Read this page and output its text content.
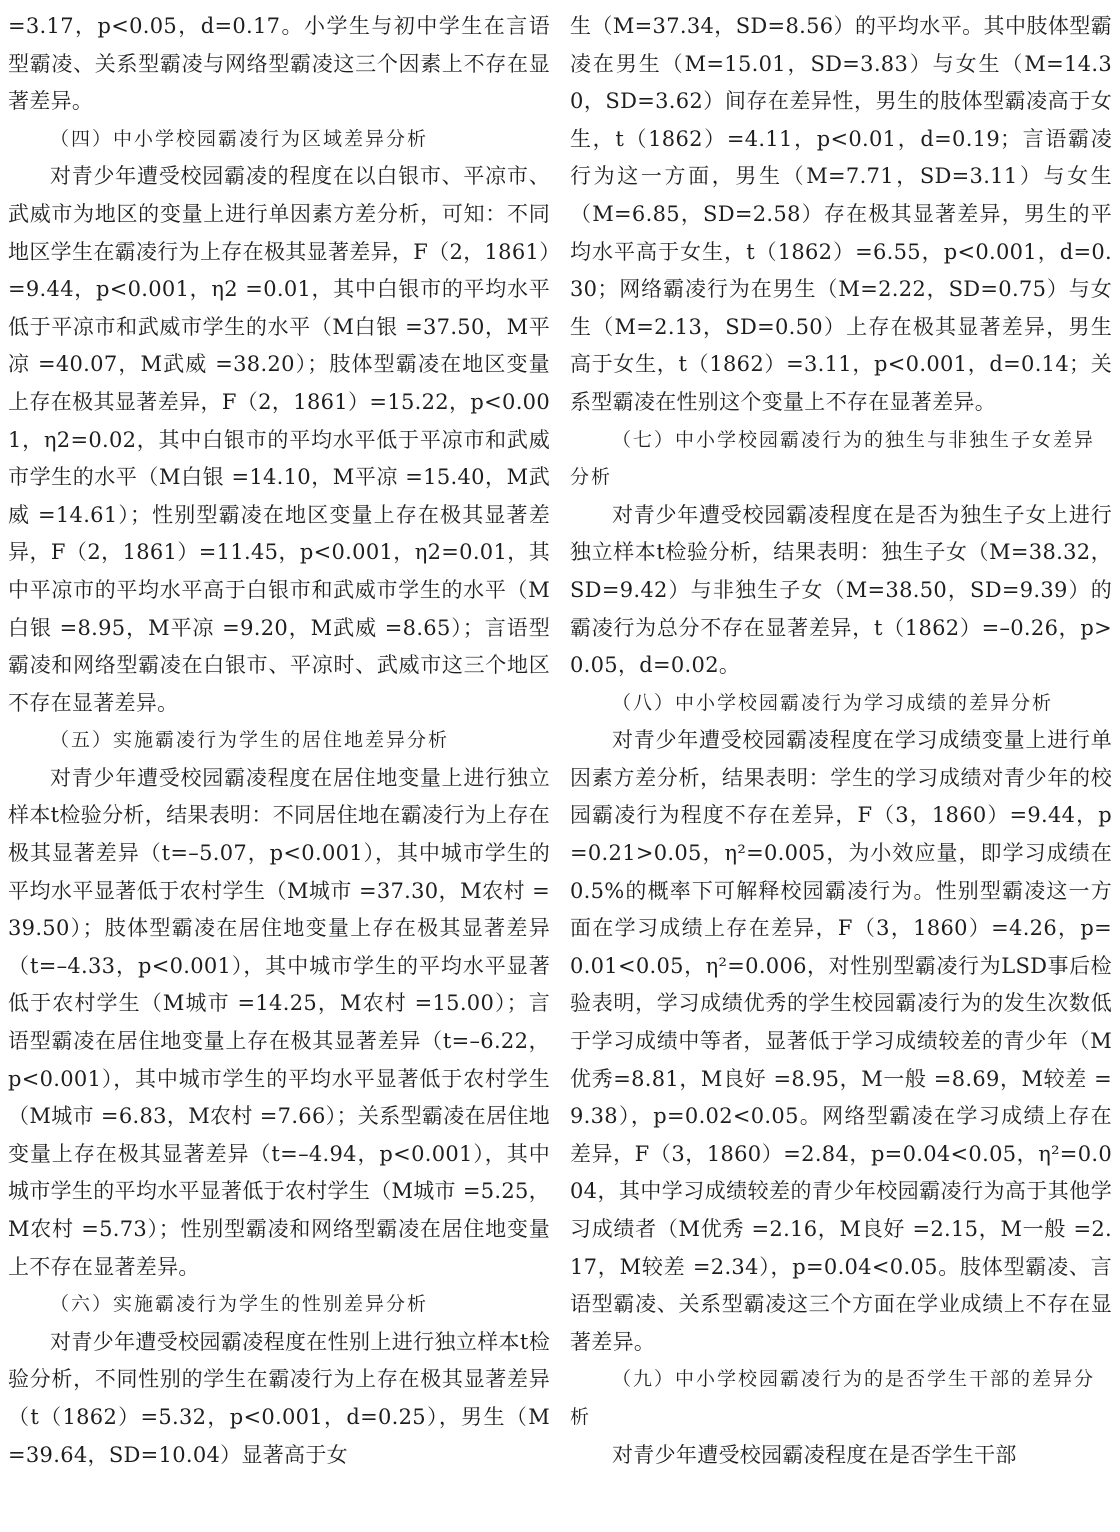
=3.17，p<0.05，d=0.17。小学生与初中学生在言语型霸凌、关系型霸凌与网络型霸凌这三个因素上不存在显著差异。

（四）中小学校园霸凌行为区域差异分析

对青少年遭受校园霸凌的程度在以白银市、平凉市、武威市为地区的变量上进行单因素方差分析，可知：不同地区学生在霸凌行为上存在极其显著差异，F（2，1861）=9.44，p<0.001，η2 =0.01，其中白银市的平均水平低于平凉市和武威市学生的水平（M白银 =37.50，M平凉 =40.07，M武威 =38.20）；肢体型霸凌在地区变量上存在极其显著差异，F（2，1861）=15.22，p<0.001，η2=0.02，其中白银市的平均水平低于平凉市和武威市学生的水平（M白银 =14.10，M平凉 =15.40，M武威 =14.61）；性别型霸凌在地区变量上存在极其显著差异，F（2，1861）=11.45，p<0.001，η2=0.01，其中平凉市的平均水平高于白银市和武威市学生的水平（M白银 =8.95，M平凉 =9.20，M武威 =8.65）；言语型霸凌和网络型霸凌在白银市、平凉时、武威市这三个地区不存在显著差异。

（五）实施霸凌行为学生的居住地差异分析

对青少年遭受校园霸凌程度在居住地变量上进行独立样本t检验分析，结果表明：不同居住地在霸凌行为上存在极其显著差异（t=–5.07，p<0.001），其中城市学生的平均水平显著低于农村学生（M城市 =37.30，M农村 =39.50）；肢体型霸凌在居住地变量上存在极其显著差异（t=–4.33，p<0.001），其中城市学生的平均水平显著低于农村学生（M城市 =14.25，M农村 =15.00）；言语型霸凌在居住地变量上存在极其显著差异（t=–6.22，p<0.001），其中城市学生的平均水平显著低于农村学生（M城市 =6.83，M农村 =7.66）；关系型霸凌在居住地变量上存在极其显著差异（t=–4.94，p<0.001），其中城市学生的平均水平显著低于农村学生（M城市 =5.25，M农村 =5.73）；性别型霸凌和网络型霸凌在居住地变量上不存在显著差异。

（六）实施霸凌行为学生的性别差异分析

对青少年遭受校园霸凌程度在性别上进行独立样本t检验分析，不同性别的学生在霸凌行为上存在极其显著差异（t（1862）=5.32，p<0.001，d=0.25），男生（M=39.64，SD=10.04）显著高于女

生（M=37.34，SD=8.56）的平均水平。其中肢体型霸凌在男生（M=15.01，SD=3.83）与女生（M=14.30，SD=3.62）间存在差异性，男生的肢体型霸凌高于女生，t（1862）=4.11，p<0.01，d=0.19；言语霸凌行为这一方面，男生（M=7.71，SD=3.11）与女生（M=6.85，SD=2.58）存在极其显著差异，男生的平均水平高于女生，t（1862）=6.55，p<0.001，d=0.30；网络霸凌行为在男生（M=2.22，SD=0.75）与女生（M=2.13，SD=0.50）上存在极其显著差异，男生高于女生，t（1862）=3.11，p<0.001，d=0.14；关系型霸凌在性别这个变量上不存在显著差异。

（七）中小学校园霸凌行为的独生与非独生子女差异分析

对青少年遭受校园霸凌程度在是否为独生子女上进行独立样本t检验分析，结果表明：独生子女（M=38.32，SD=9.42）与非独生子女（M=38.50，SD=9.39）的霸凌行为总分不存在显著差异，t（1862）=–0.26，p>0.05，d=0.02。

（八）中小学校园霸凌行为学习成绩的差异分析

对青少年遭受校园霸凌程度在学习成绩变量上进行单因素方差分析，结果表明：学生的学习成绩对青少年的校园霸凌行为程度不存在差异，F（3，1860）=9.44，p=0.21>0.05，η²=0.005，为小效应量，即学习成绩在0.5%的概率下可解释校园霸凌行为。性别型霸凌这一方面在学习成绩上存在差异，F（3，1860）=4.26，p=0.01<0.05，η²=0.006，对性别型霸凌行为LSD事后检验表明，学习成绩优秀的学生校园霸凌行为的发生次数低于学习成绩中等者，显著低于学习成绩较差的青少年（M优秀=8.81，M良好 =8.95，M一般 =8.69，M较差 =9.38），p=0.02<0.05。网络型霸凌在学习成绩上存在差异，F（3，1860）=2.84，p=0.04<0.05，η²=0.004，其中学习成绩较差的青少年校园霸凌行为高于其他学习成绩者（M优秀 =2.16，M良好 =2.15，M一般 =2.17，M较差 =2.34），p=0.04<0.05。肢体型霸凌、言语型霸凌、关系型霸凌这三个方面在学业成绩上不存在显著差异。

（九）中小学校园霸凌行为的是否学生干部的差异分析

对青少年遭受校园霸凌程度在是否学生干部
